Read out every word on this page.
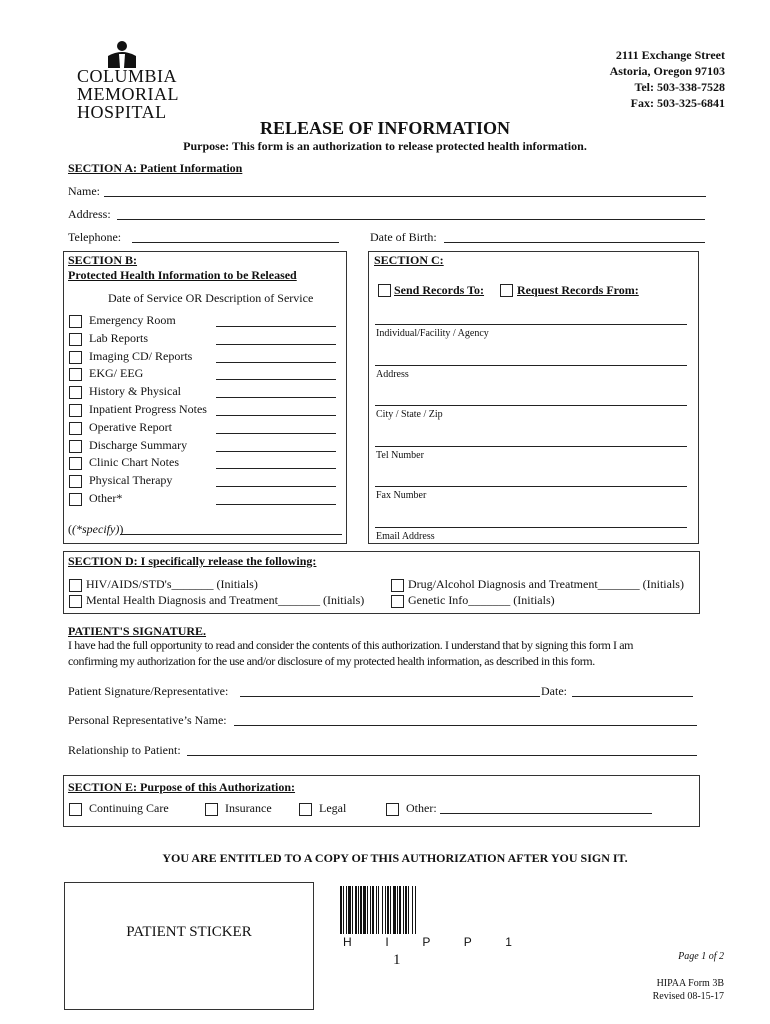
COLUMBIA
MEMORIAL
HOSPITAL
2111 Exchange Street
Astoria, Oregon 97103
Tel: 503-338-7528
Fax: 503-325-6841
RELEASE OF INFORMATION
Purpose: This form is an authorization to release protected health information.
SECTION A: Patient Information
Name:
Address:
Telephone:	Date of Birth:
SECTION B:
Protected Health Information to be Released
Date of Service OR Description of Service
Emergency Room
Lab Reports
Imaging CD/ Reports
EKG/ EEG
History & Physical
Inpatient Progress Notes
Operative Report
Discharge Summary
Clinic Chart Notes
Physical Therapy
Other*
((*specify))
SECTION C:
Send Records To:	Request Records From:
Individual/Facility / Agency
Address
City / State / Zip
Tel Number
Fax Number
Email Address
SECTION D: I specifically release the following:
HIV/AIDS/STD's_______ (Initials)	Drug/Alcohol Diagnosis and Treatment_______ (Initials)
Mental Health Diagnosis and Treatment_______ (Initials)	Genetic Info_______ (Initials)
PATIENT'S SIGNATURE.
I have had the full opportunity to read and consider the contents of this authorization. I understand that by signing this form I am
confirming my authorization for the use and/or disclosure of my protected health information, as described in this form.
Patient Signature/Representative:	Date:
Personal Representative’s Name:
Relationship to Patient:
SECTION E: Purpose of this Authorization:
Continuing Care	Insurance	Legal	Other:
YOU ARE ENTITLED TO A COPY OF THIS AUTHORIZATION AFTER YOU SIGN IT.
PATIENT STICKER
H  I  P  P  1
1	Page 1 of 2
HIPAA Form 3B
Revised 08-15-17
